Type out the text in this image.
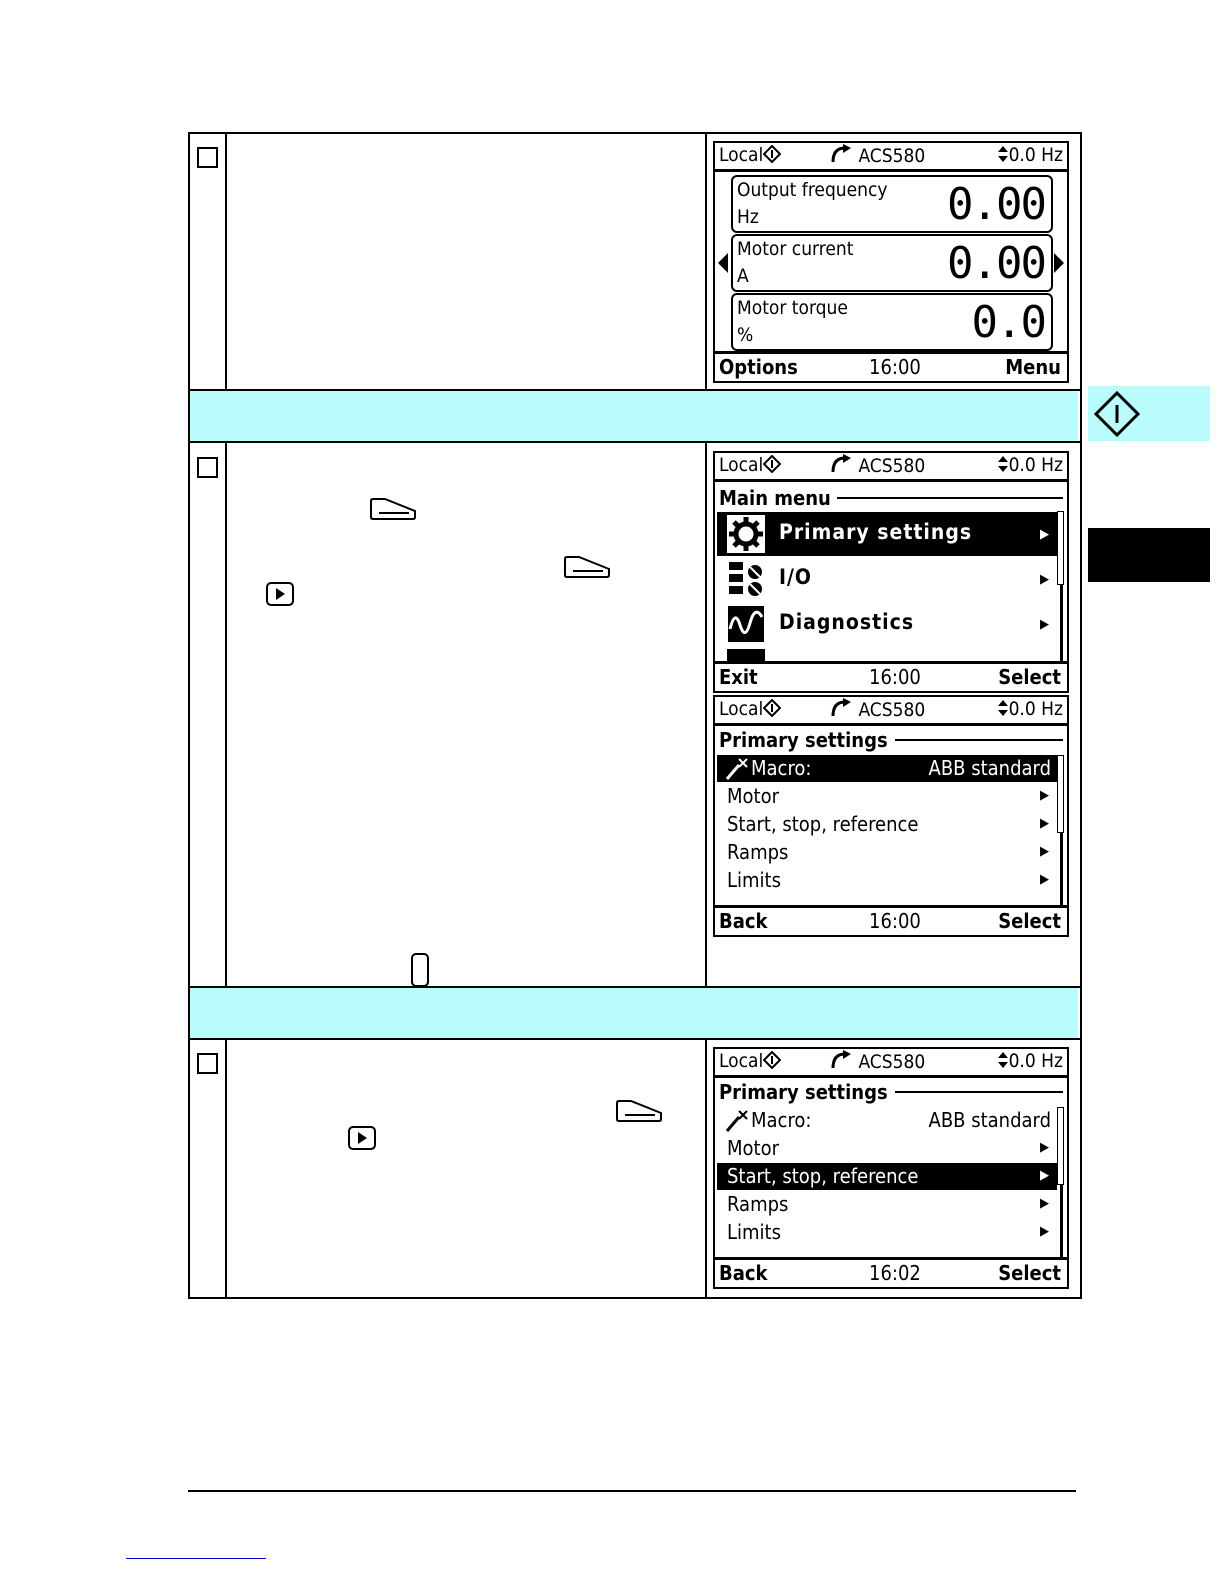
Local	ACS580	0.0 Hz
Output frequency
Hz	0.00
Motor current
A	0.00
Motor torque
%	0.0
Options	16:00	Menu
Local	ACS580	0.0 Hz
Main menu
Primary settings	▶
I/O	▶
Diagnostics	▶
Exit	16:00	Select
Local	ACS580	0.0 Hz
Primary settings
Macro:	ABB standard
Motor	▶
Start, stop, reference	▶
Ramps	▶
Limits	▶
Back	16:00	Select
Local	ACS580	0.0 Hz
Primary settings
Macro:	ABB standard
Motor	▶
Start, stop, reference	▶
Ramps	▶
Limits	▶
Back	16:02	Select
